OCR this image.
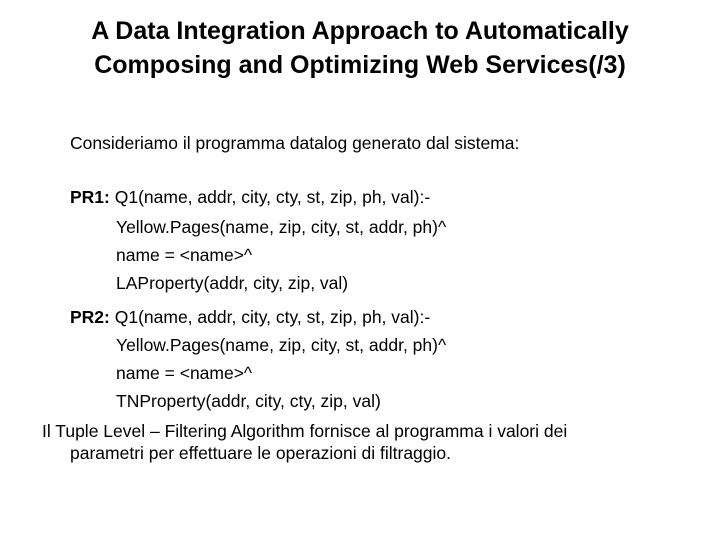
A Data Integration Approach to Automatically
Composing and Optimizing Web Services(/3)
Consideriamo il programma datalog generato dal sistema:
PR1: Q1(name, addr, city, cty, st, zip, ph, val):-
Yellow.Pages(name, zip, city, st, addr, ph)^
name = <name>^
LAProperty(addr, city, zip, val)
PR2: Q1(name, addr, city, cty, st, zip, ph, val):-
Yellow.Pages(name, zip, city, st, addr, ph)^
name = <name>^
TNProperty(addr, city, cty, zip, val)
Il Tuple Level – Filtering Algorithm fornisce al programma i valori dei
parametri per effettuare le operazioni di filtraggio.
